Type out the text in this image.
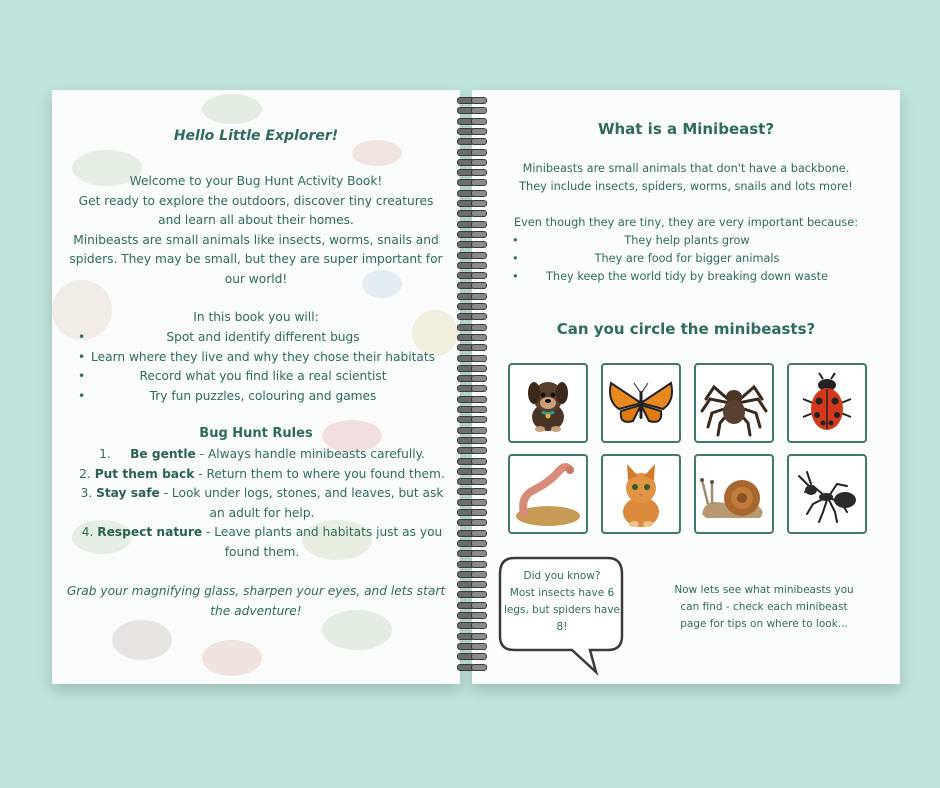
Hello Little Explorer!
Welcome to your Bug Hunt Activity Book!
Get ready to explore the outdoors, discover tiny creatures
and learn all about their homes.
Minibeasts are small animals like insects, worms, snails and
spiders. They may be small, but they are super important for
our world!
In this book you will:
•	Spot and identify different bugs
• Learn where they live and why they chose their habitats
•	Record what you find like a real scientist
•	Try fun puzzles, colouring and games
Bug Hunt Rules
1. Be gentle - Always handle minibeasts carefully.
2. Put them back - Return them to where you found them.
3. Stay safe - Look under logs, stones, and leaves, but ask
an adult for help.
4. Respect nature - Leave plants and habitats just as you
found them.
Grab your magnifying glass, sharpen your eyes, and lets start
the adventure!
What is a Minibeast?
Minibeasts are small animals that don't have a backbone.
They include insects, spiders, worms, snails and lots more!
Even though they are tiny, they are very important because:
•	They help plants grow
•	They are food for bigger animals
• They keep the world tidy by breaking down waste
Can you circle the minibeasts?
Did you know?
Most insects have 6
legs, but spiders have
8!
Now lets see what minibeasts you
can find - check each minibeast
page for tips on where to look...
